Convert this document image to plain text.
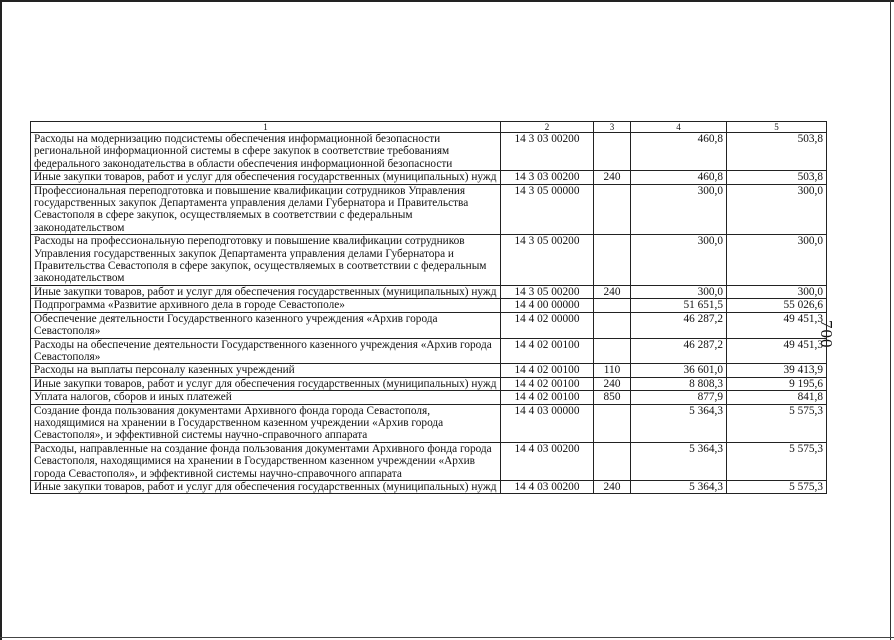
700
1	2	3	4	5
Расходы на модернизацию подсистемы обеспечения информационной безопасности региональной информационной системы в сфере закупок в соответствие требованиям федерального законодательства в области обеспечения информационной безопасности	14 3 03 00200		460,8	503,8
Иные закупки товаров, работ и услуг для обеспечения государственных (муниципальных) нужд	14 3 03 00200	240	460,8	503,8
Профессиональная переподготовка и повышение квалификации сотрудников Управления государственных закупок Департамента управления делами Губернатора и Правительства Севастополя в сфере закупок, осуществляемых в соответствии с федеральным законодательством	14 3 05 00000		300,0	300,0
Расходы на профессиональную переподготовку и повышение квалификации сотрудников Управления государственных закупок Департамента управления делами Губернатора и Правительства Севастополя в сфере закупок, осуществляемых в соответствии с федеральным законодательством	14 3 05 00200		300,0	300,0
Иные закупки товаров, работ и услуг для обеспечения государственных (муниципальных) нужд	14 3 05 00200	240	300,0	300,0
Подпрограмма «Развитие архивного дела в городе Севастополе»	14 4 00 00000		51 651,5	55 026,6
Обеспечение деятельности Государственного казенного учреждения «Архив города Севастополя»	14 4 02 00000		46 287,2	49 451,3
Расходы на обеспечение деятельности Государственного казенного учреждения «Архив города Севастополя»	14 4 02 00100		46 287,2	49 451,3
Расходы на выплаты персоналу казенных учреждений	14 4 02 00100	110	36 601,0	39 413,9
Иные закупки товаров, работ и услуг для обеспечения государственных (муниципальных) нужд	14 4 02 00100	240	8 808,3	9 195,6
Уплата налогов, сборов и иных платежей	14 4 02 00100	850	877,9	841,8
Создание фонда пользования документами Архивного фонда города Севастополя, находящимися на хранении в Государственном казенном учреждении «Архив города Севастополя», и эффективной системы научно-справочного аппарата	14 4 03 00000		5 364,3	5 575,3
Расходы, направленные на создание фонда пользования документами Архивного фонда города Севастополя, находящимися на хранении в Государственном казенном учреждении «Архив города Севастополя», и эффективной системы научно-справочного аппарата	14 4 03 00200		5 364,3	5 575,3
Иные закупки товаров, работ и услуг для обеспечения государственных (муниципальных) нужд	14 4 03 00200	240	5 364,3	5 575,3
